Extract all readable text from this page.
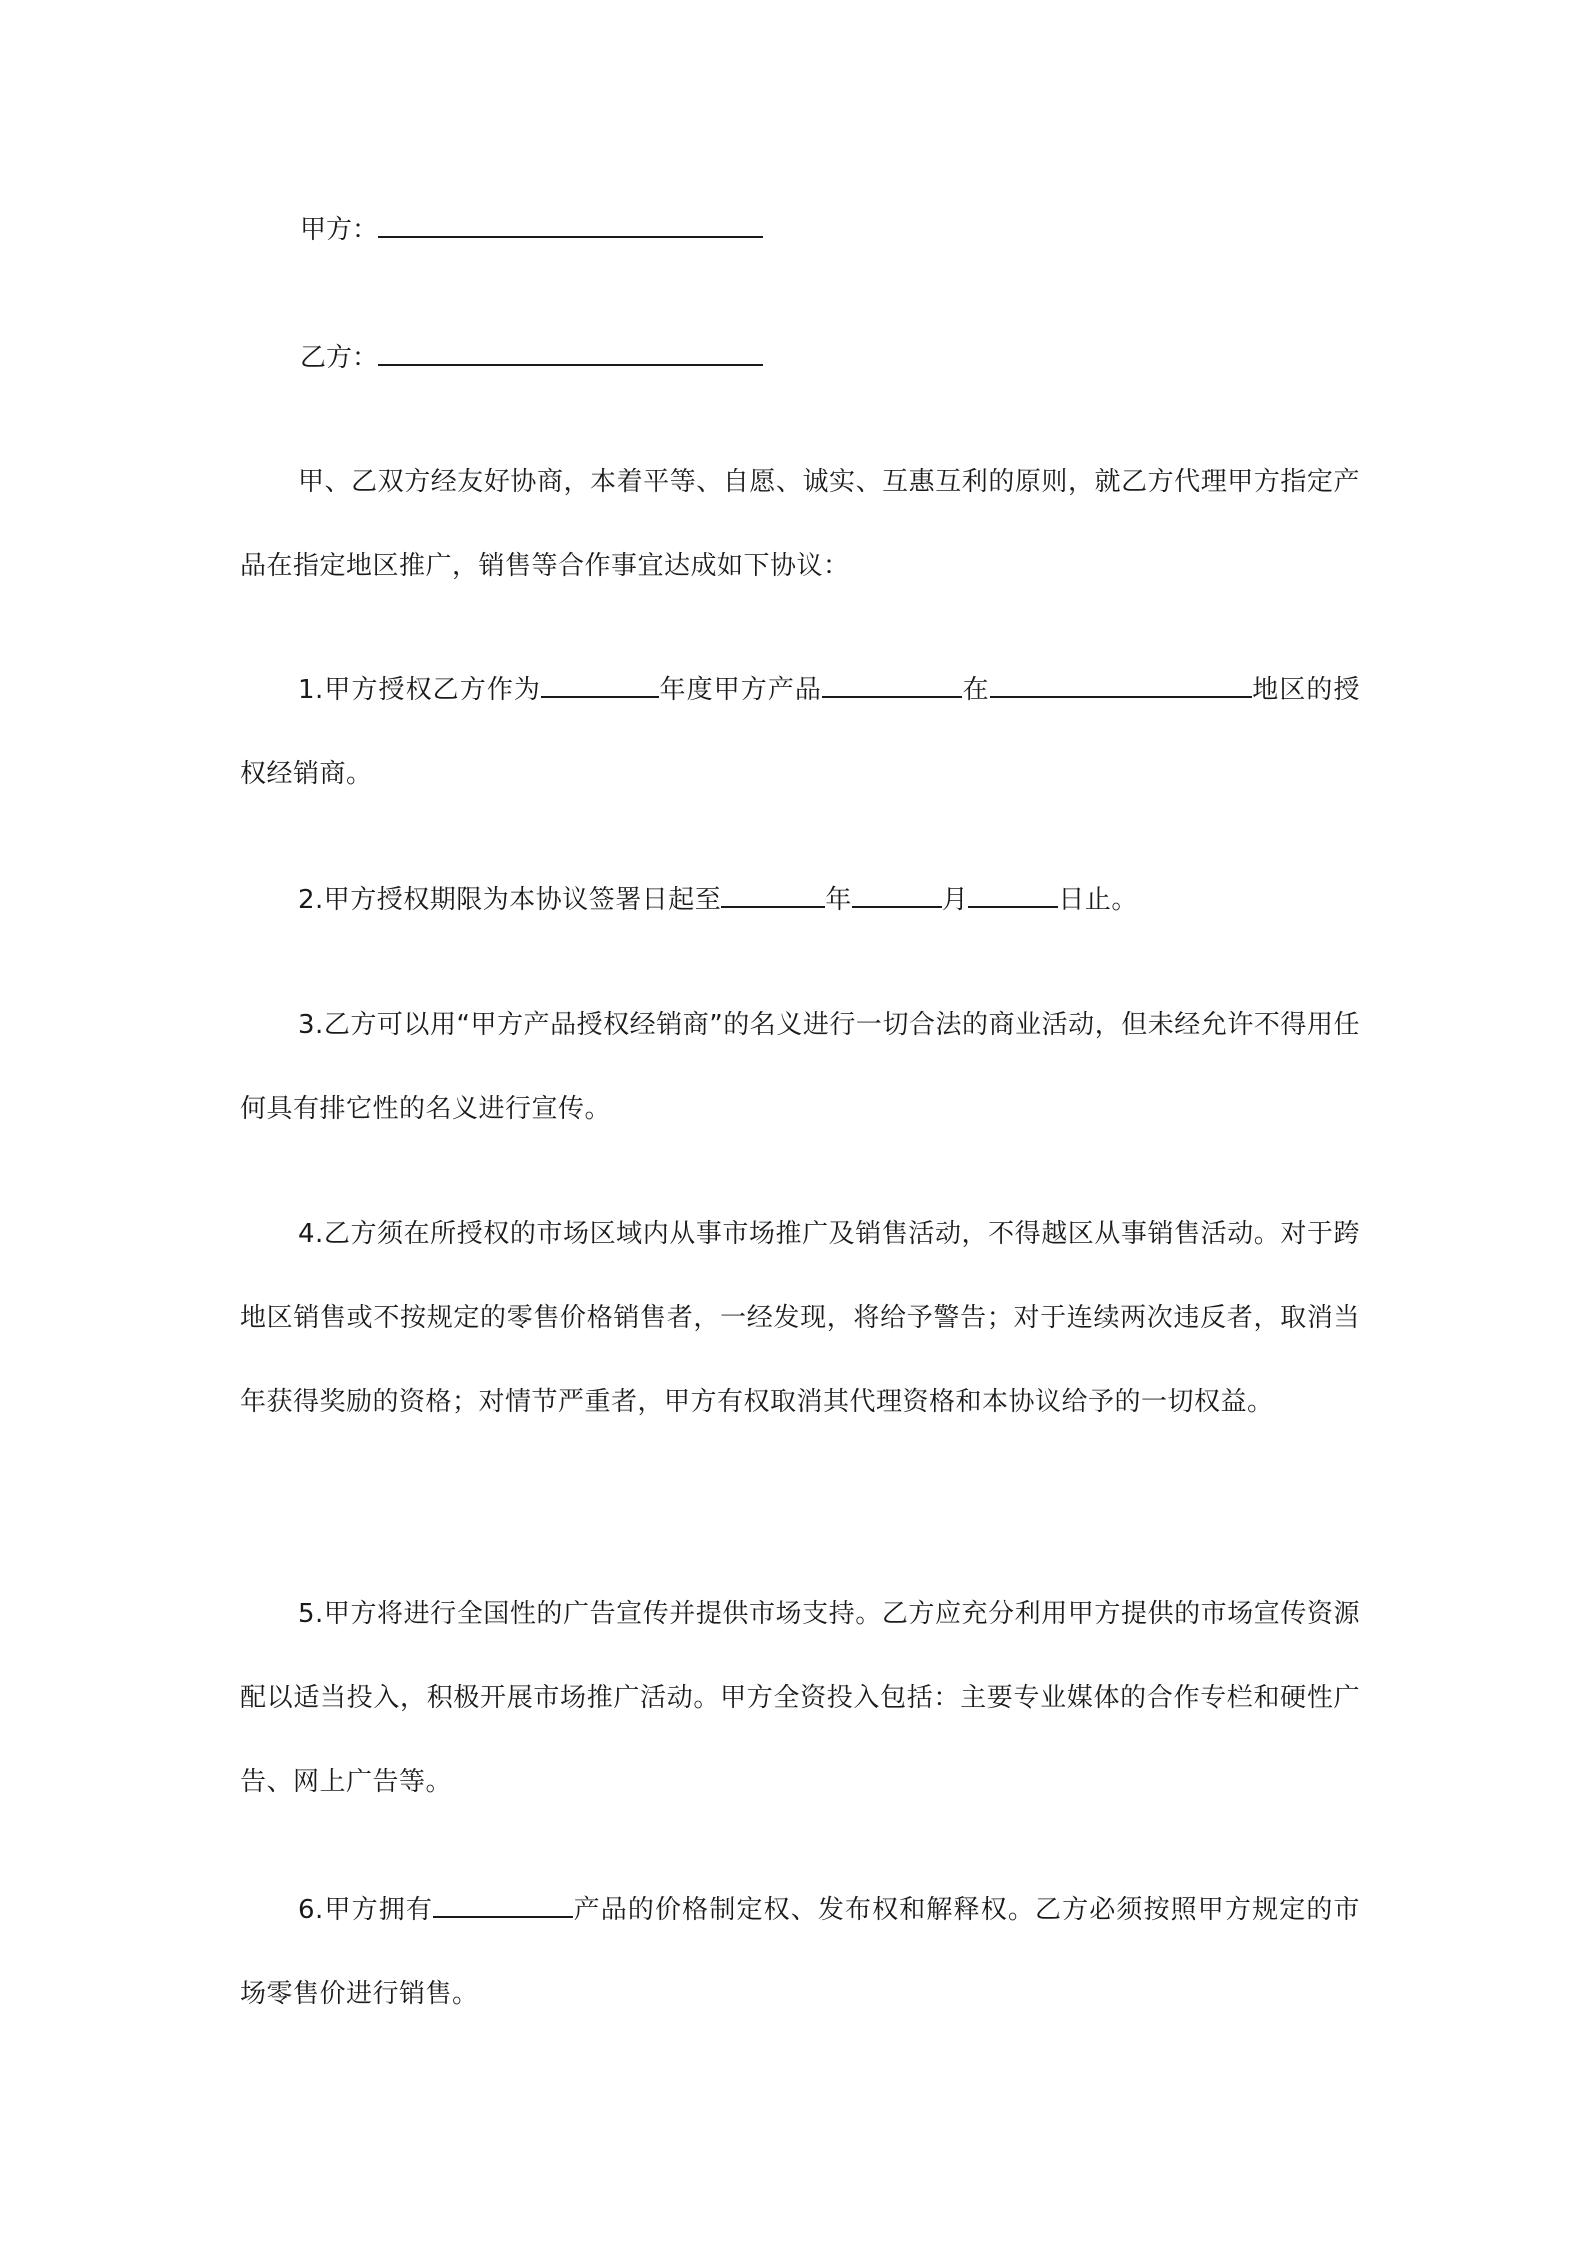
甲方：
乙方：

甲、乙双方经友好协商，本着平等、自愿、诚实、互惠互利的原则，就乙方代理甲方指定产品在指定地区推广，销售等合作事宜达成如下协议：

1.甲方授权乙方作为	年度甲方产品	在	地区的授权经销商。

2.甲方授权期限为本协议签署日起至	年	月	日止。

3.乙方可以用“甲方产品授权经销商”的名义进行一切合法的商业活动，但未经允许不得用任何具有排它性的名义进行宣传。

4.乙方须在所授权的市场区域内从事市场推广及销售活动，不得越区从事销售活动。对于跨地区销售或不按规定的零售价格销售者，一经发现，将给予警告；对于连续两次违反者，取消当年获得奖励的资格；对情节严重者，甲方有权取消其代理资格和本协议给予的一切权益。

5.甲方将进行全国性的广告宣传并提供市场支持。乙方应充分利用甲方提供的市场宣传资源配以适当投入，积极开展市场推广活动。甲方全资投入包括：主要专业媒体的合作专栏和硬性广告、网上广告等。

6.甲方拥有	产品的价格制定权、发布权和解释权。乙方必须按照甲方规定的市场零售价进行销售。
